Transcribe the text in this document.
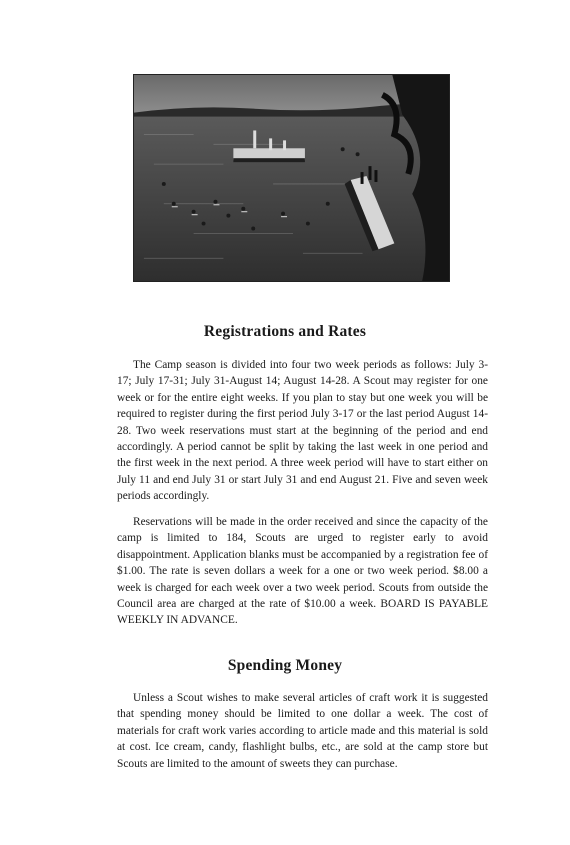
Registrations and Rates

The Camp season is divided into four two week periods as follows: July 3-17; July 17-31; July 31-August 14; August 14-28. A Scout may register for one week or for the entire eight weeks. If you plan to stay but one week you will be required to register during the first period July 3-17 or the last period August 14-28. Two week reservations must start at the beginning of the period and end accordingly. A period cannot be split by taking the last week in one period and the first week in the next period. A three week period will have to start either on July 11 and end July 31 or start July 31 and end August 21. Five and seven week periods accordingly.

Reservations will be made in the order received and since the capacity of the camp is limited to 184, Scouts are urged to register early to avoid disappointment. Application blanks must be accompanied by a registration fee of $1.00. The rate is seven dollars a week for a one or two week period. $8.00 a week is charged for each week over a two week period. Scouts from outside the Council area are charged at the rate of $10.00 a week. BOARD IS PAYABLE WEEKLY IN ADVANCE.

Spending Money

Unless a Scout wishes to make several articles of craft work it is suggested that spending money should be limited to one dollar a week. The cost of materials for craft work varies according to article made and this material is sold at cost. Ice cream, candy, flashlight bulbs, etc., are sold at the camp store but Scouts are limited to the amount of sweets they can purchase.
